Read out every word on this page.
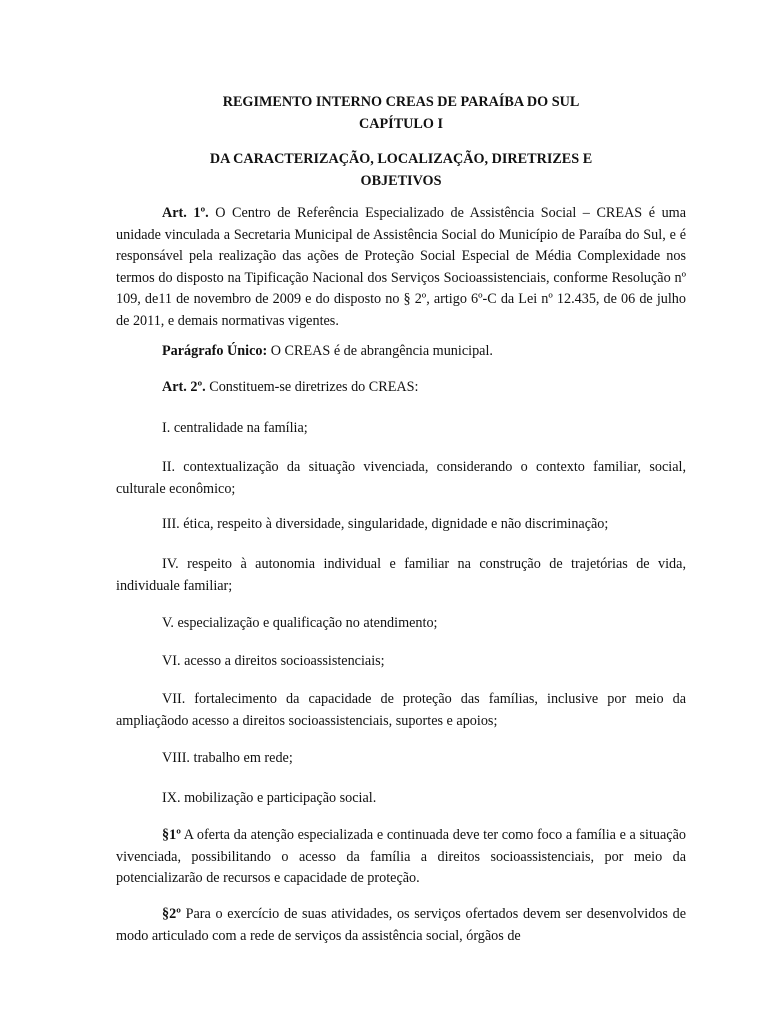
REGIMENTO INTERNO CREAS DE PARAÍBA DO SUL
CAPÍTULO I
DA CARACTERIZAÇÃO, LOCALIZAÇÃO, DIRETRIZES E
OBJETIVOS
Art. 1º. O Centro de Referência Especializado de Assistência Social – CREAS é uma unidade vinculada a Secretaria Municipal de Assistência Social do Município de Paraíba do Sul, e é responsável pela realização das ações de Proteção Social Especial de Média Complexidade nos termos do disposto na Tipificação Nacional dos Serviços Socioassistenciais, conforme Resolução nº 109, de11 de novembro de 2009 e do disposto no § 2º, artigo 6º-C da Lei nº 12.435, de 06 de julho de 2011, e demais normativas vigentes.
Parágrafo Único: O CREAS é de abrangência municipal.
Art. 2º. Constituem-se diretrizes do CREAS:
I. centralidade na família;
II. contextualização da situação vivenciada, considerando o contexto familiar, social, culturale econômico;
III. ética, respeito à diversidade, singularidade, dignidade e não discriminação;
IV. respeito à autonomia individual e familiar na construção de trajetórias de vida, individuale familiar;
V. especialização e qualificação no atendimento;
VI. acesso a direitos socioassistenciais;
VII. fortalecimento da capacidade de proteção das famílias, inclusive por meio da ampliaçãodo acesso a direitos socioassistenciais, suportes e apoios;
VIII. trabalho em rede;
IX. mobilização e participação social.
§1º A oferta da atenção especializada e continuada deve ter como foco a família e a situação vivenciada, possibilitando o acesso da família a direitos socioassistenciais, por meio da potencializarão de recursos e capacidade de proteção.
§2º Para o exercício de suas atividades, os serviços ofertados devem ser desenvolvidos de modo articulado com a rede de serviços da assistência social, órgãos de
